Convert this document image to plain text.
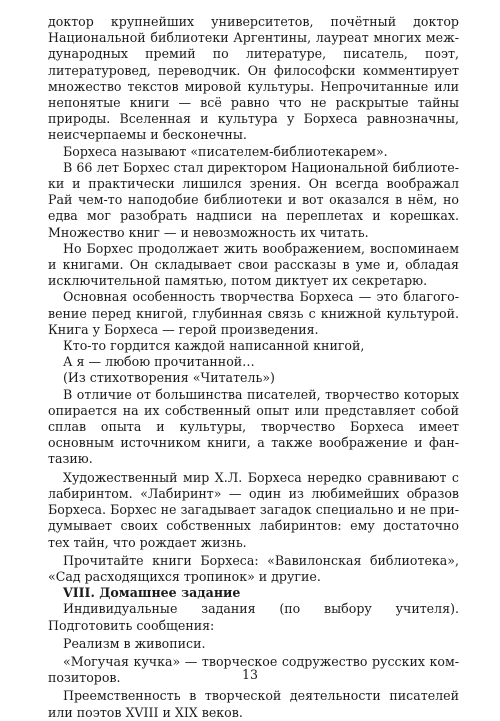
доктор крупнейших университетов, почётный доктор Национальной библиотеки Аргентины, лауреат многих международных премий по литературе, писатель, поэт, литературовед, переводчик. Он философски комментирует множество текстов мировой культуры. Непрочитанные или непонятые книги — всё равно что не раскрытые тайны природы. Вселенная и культура у Борхеса равнозначны, неисчерпаемы и бесконечны.

Борхеса называют «писателем-библиотекарем».

В 66 лет Борхес стал директором Национальной библиотеки и практически лишился зрения. Он всегда воображал Рай чем-то наподобие библиотеки и вот оказался в нём, но едва мог разобрать надписи на переплетах и корешках. Множество книг — и невозможность их читать.

Но Борхес продолжает жить воображением, воспоминаем и книгами. Он складывает свои рассказы в уме и, обладая исключительной памятью, потом диктует их секретарю.

Основная особенность творчества Борхеса — это благоговение перед книгой, глубинная связь с книжной культурой. Книга у Борхеса — герой произведения.

Кто-то гордится каждой написанной книгой,

А я — любою прочитанной…

(Из стихотворения «Читатель»)

В отличие от большинства писателей, творчество которых опирается на их собственный опыт или представляет собой сплав опыта и культуры, творчество Борхеса имеет основным источником книги, а также воображение и фантазию.

Художественный мир Х.Л. Борхеса нередко сравнивают с лабиринтом. «Лабиринт» — один из любимейших образов Борхеса. Борхес не загадывает загадок специально и не придумывает своих собственных лабиринтов: ему достаточно тех тайн, что рождает жизнь.

Прочитайте книги Борхеса: «Вавилонская библиотека», «Сад расходящихся тропинок» и другие.

VIII. Домашнее задание

Индивидуальные задания (по выбору учителя). Подготовить сообщения:

Реализм в живописи.

«Могучая кучка» — творческое содружество русских композиторов.

Преемственность в творческой деятельности писателей или поэтов XVIII и XIX веков.

13
